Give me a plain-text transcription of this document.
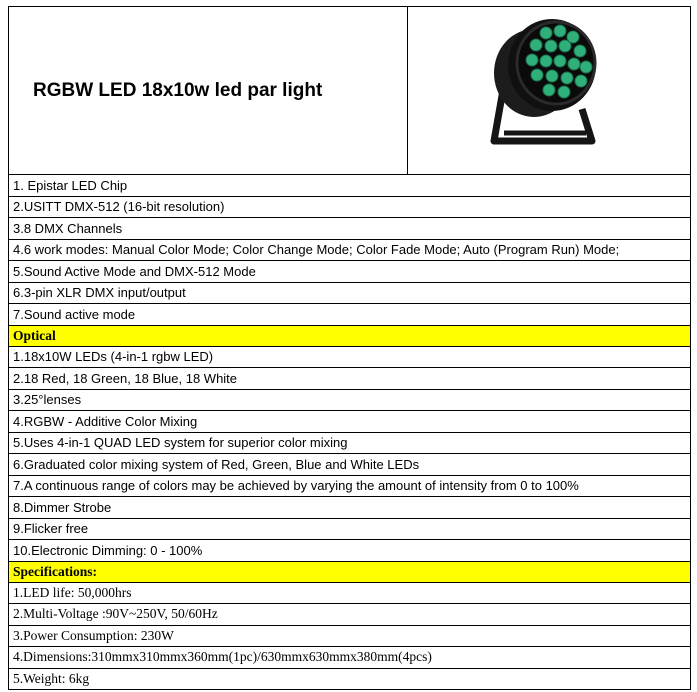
RGBW LED 18x10w led par light	
1. Epistar LED Chip
2.USITT DMX-512 (16-bit resolution)
3.8 DMX Channels
4.6 work modes: Manual Color Mode; Color Change Mode; Color Fade Mode; Auto (Program Run) Mode;
5.Sound Active Mode and DMX-512 Mode
6.3-pin XLR DMX input/output
7.Sound active mode
Optical
1.18x10W LEDs (4-in-1 rgbw LED)
2.18 Red, 18 Green, 18 Blue, 18 White
3.25°lenses
4.RGBW - Additive Color Mixing
5.Uses 4-in-1 QUAD LED system for superior color mixing
6.Graduated color mixing system of Red, Green, Blue and White LEDs
7.A continuous range of colors may be achieved by varying the amount of intensity from 0 to 100%
8.Dimmer Strobe
9.Flicker free
10.Electronic Dimming: 0 - 100%
Specifications:
1.LED life: 50,000hrs
2.Multi-Voltage :90V~250V, 50/60Hz
3.Power Consumption: 230W
4.Dimensions:310mmx310mmx360mm(1pc)/630mmx630mmx380mm(4pcs)
5.Weight: 6kg
